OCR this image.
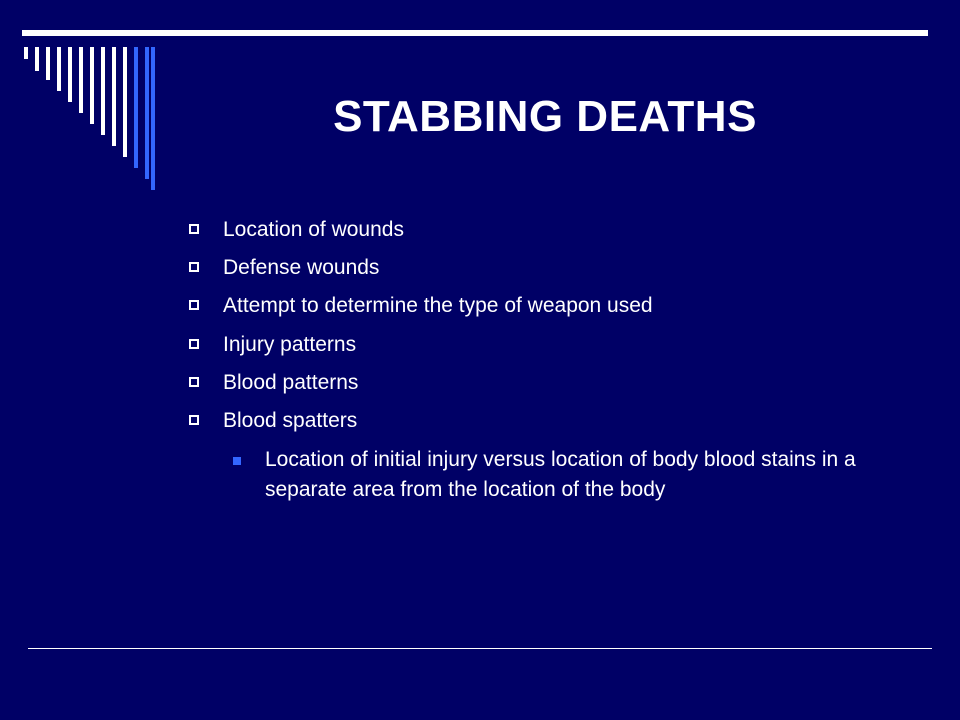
STABBING DEATHS
Location of wounds
Defense wounds
Attempt to determine the type of weapon used
Injury patterns
Blood patterns
Blood spatters
Location of initial injury versus location of body blood stains in a separate area from the location of the body
